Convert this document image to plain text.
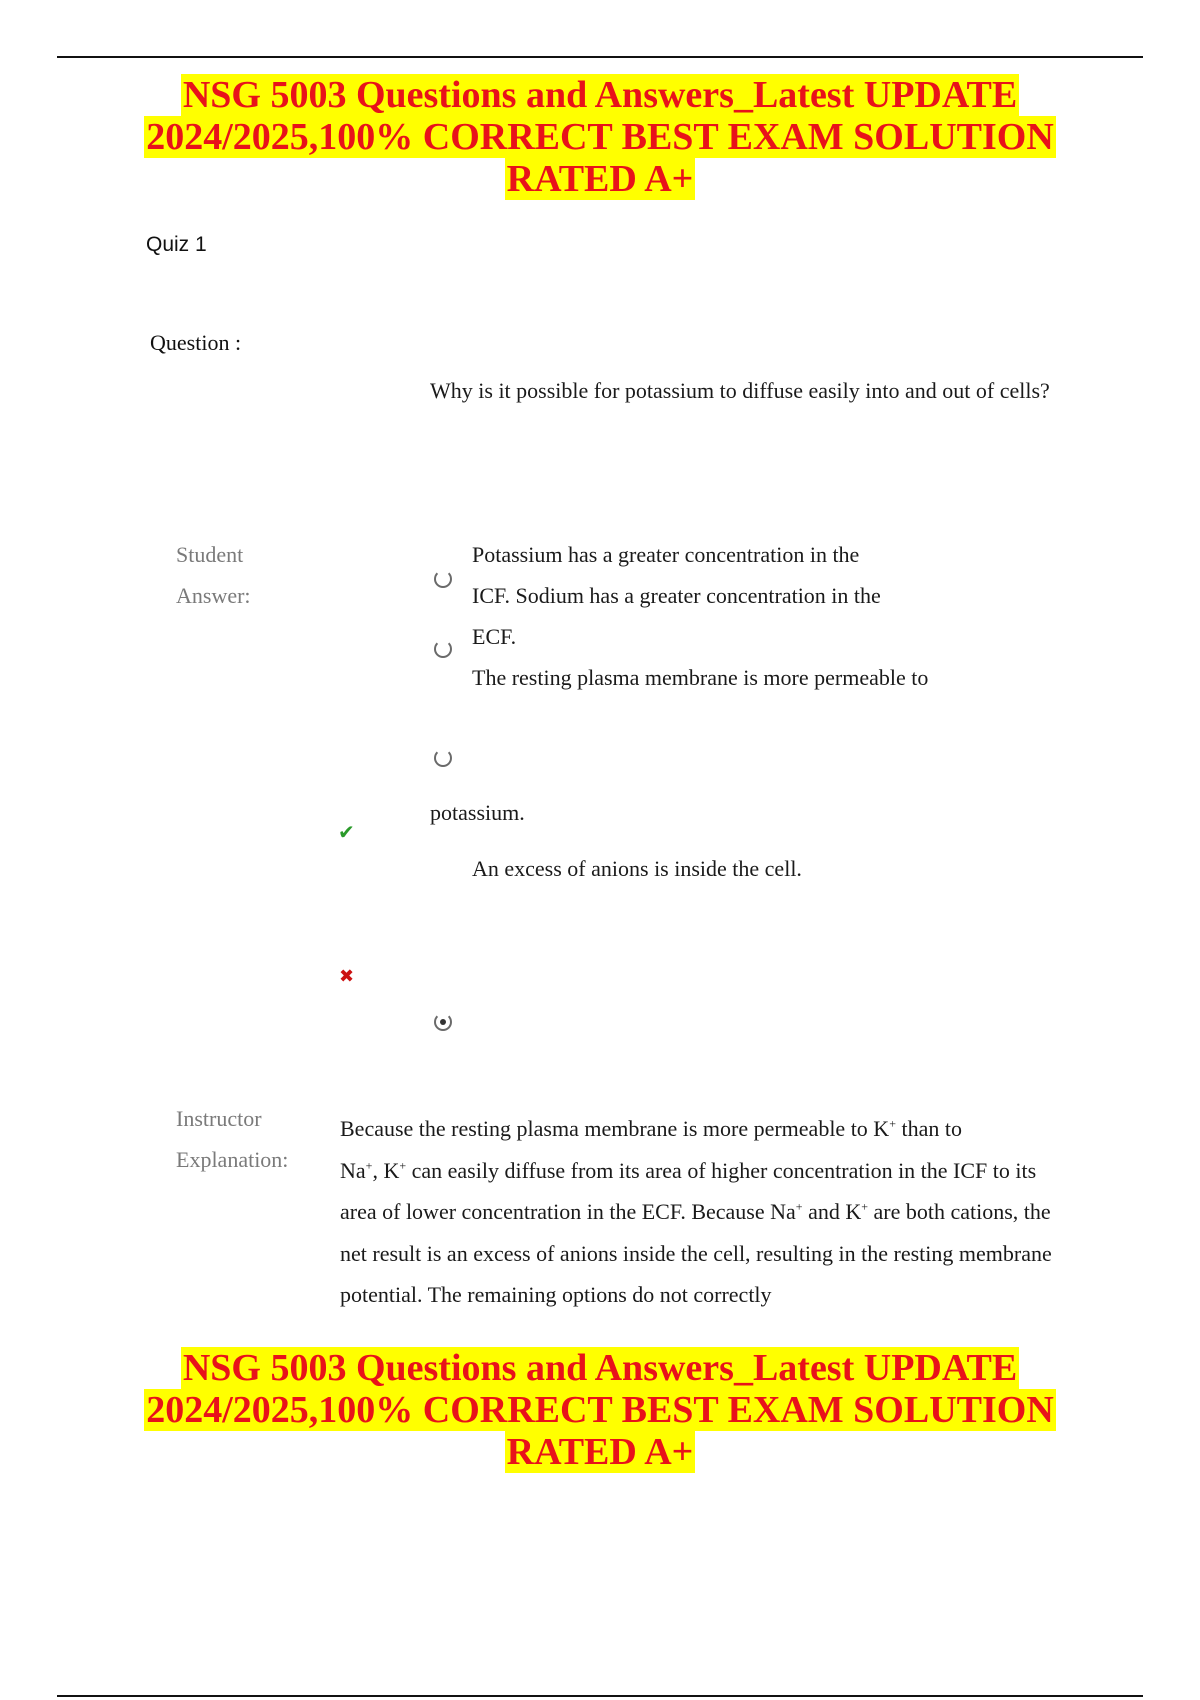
NSG 5003 Questions and Answers_Latest UPDATE
2024/2025,100% CORRECT BEST EXAM SOLUTION
RATED A+
Quiz 1
Question :
Why is it possible for potassium to diffuse easily into and out of cells?
Student
Answer:
Potassium has a greater concentration in the
ICF. Sodium has a greater concentration in the
ECF.
The resting plasma membrane is more permeable to
potassium.
An excess of anions is inside the cell.
✔
✖
Instructor
Explanation:
Because the resting plasma membrane is more permeable to K+ than to
Na+, K+ can easily diffuse from its area of higher concentration in the ICF to its area of lower concentration in the ECF. Because Na+ and K+ are both cations, the net result is an excess of anions inside the cell, resulting in the resting membrane potential. The remaining options do not correctly
NSG 5003 Questions and Answers_Latest UPDATE
2024/2025,100% CORRECT BEST EXAM SOLUTION
RATED A+
